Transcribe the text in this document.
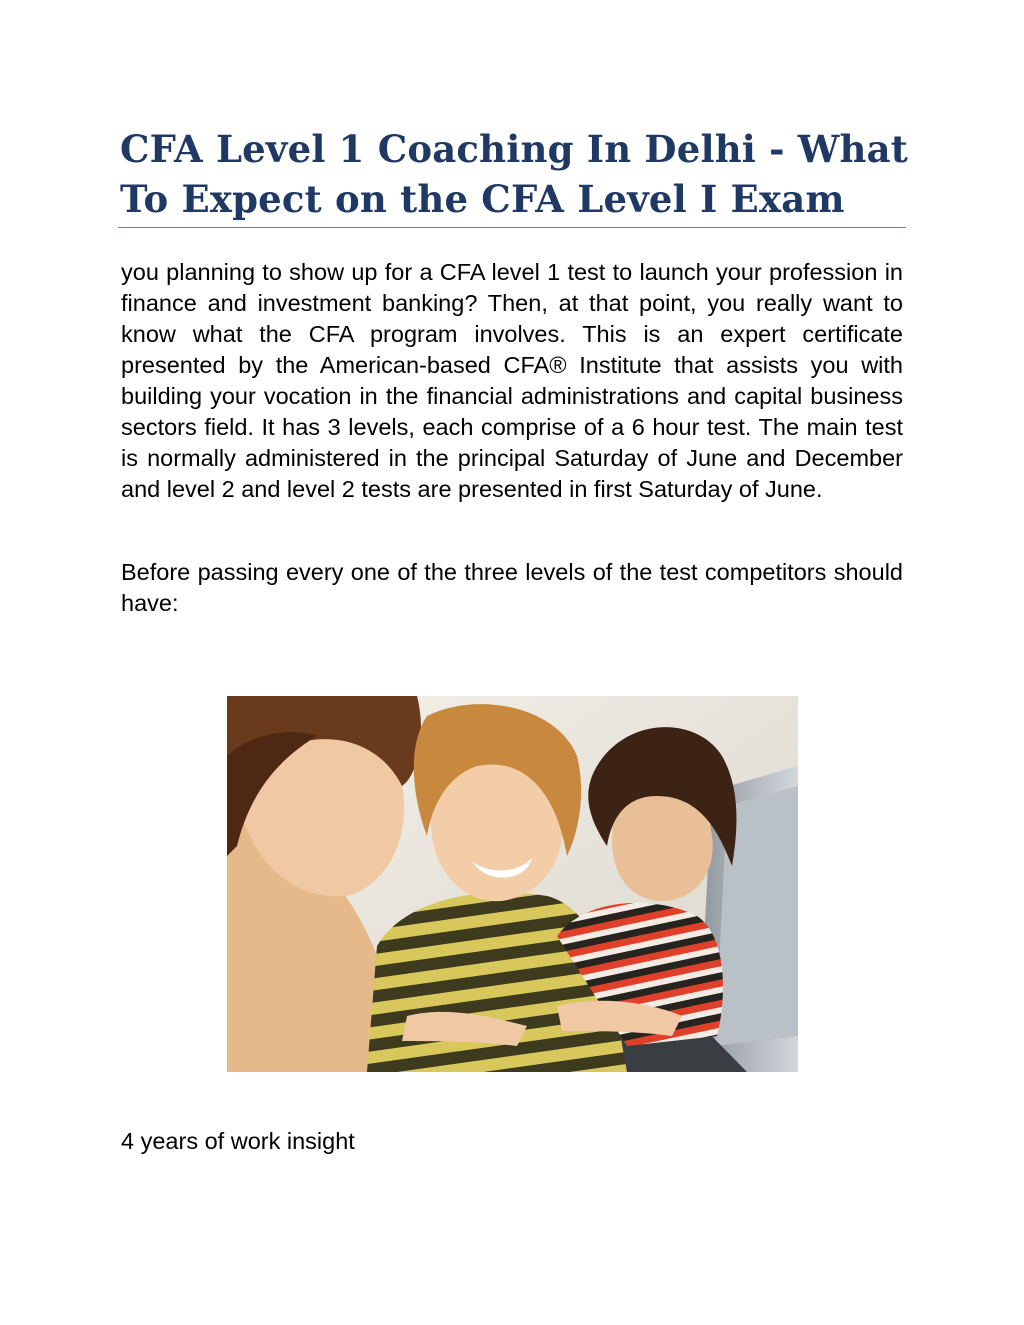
CFA Level 1 Coaching In Delhi - What To Expect on the CFA Level I Exam

you planning to show up for a CFA level 1 test to launch your profession in finance and investment banking? Then, at that point, you really want to know what the CFA program involves. This is an expert certificate presented by the American-based CFA® Institute that assists you with building your vocation in the financial administrations and capital business sectors field. It has 3 levels, each comprise of a 6 hour test. The main test is normally administered in the principal Saturday of June and December and level 2 and level 2 tests are presented in first Saturday of June.

Before passing every one of the three levels of the test competitors should have:

4 years of work insight
